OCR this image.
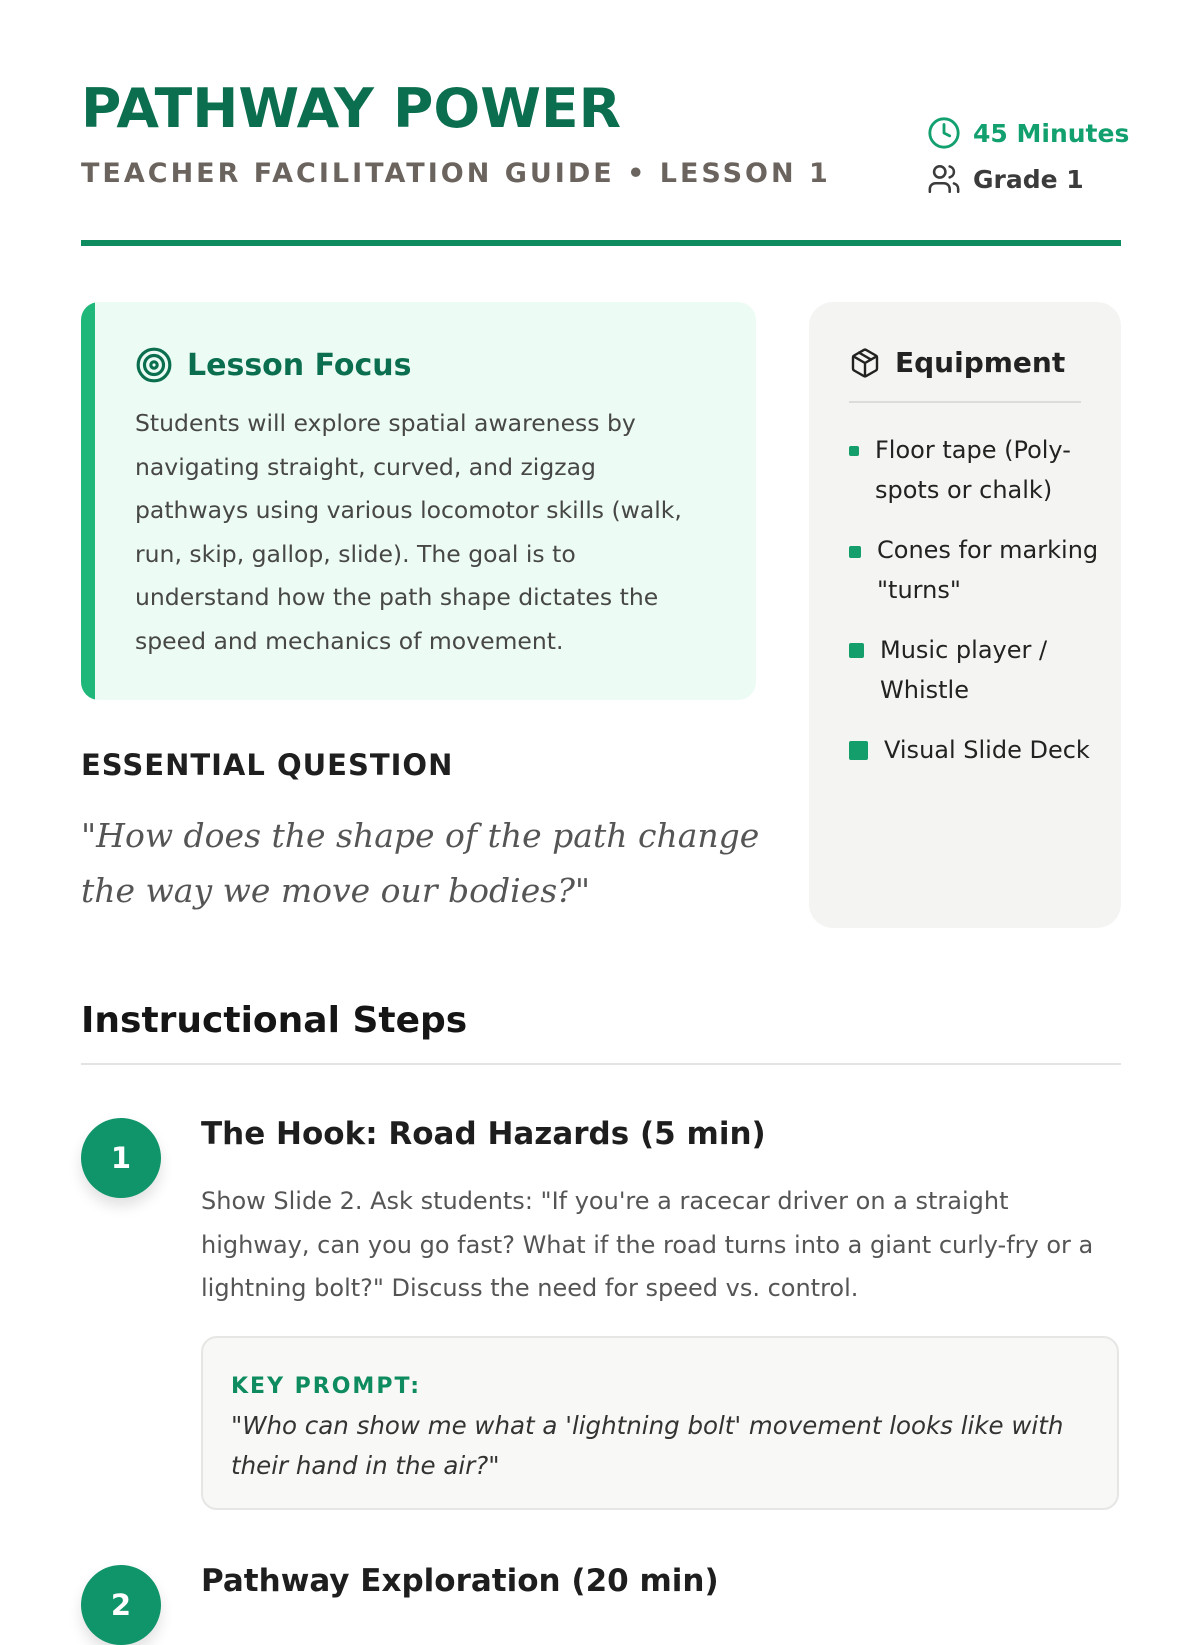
PATHWAY POWER
TEACHER FACILITATION GUIDE • LESSON 1
45 Minutes
Grade 1
Lesson Focus

Students will explore spatial awareness by navigating straight, curved, and zigzag pathways using various locomotor skills (walk, run, skip, gallop, slide). The goal is to understand how the path shape dictates the speed and mechanics of movement.

Equipment
Floor tape (Poly-spots or chalk)
Cones for marking "turns"
Music player / Whistle
Visual Slide Deck
ESSENTIAL QUESTION

"How does the shape of the path change the way we move our bodies?"

Instructional Steps
1
The Hook: Road Hazards (5 min)

Show Slide 2. Ask students: "If you're a racecar driver on a straight highway, can you go fast? What if the road turns into a giant curly-fry or a lightning bolt?" Discuss the need for speed vs. control.

KEY PROMPT:

"Who can show me what a 'lightning bolt' movement looks like with their hand in the air?"

2
Pathway Exploration (20 min)
